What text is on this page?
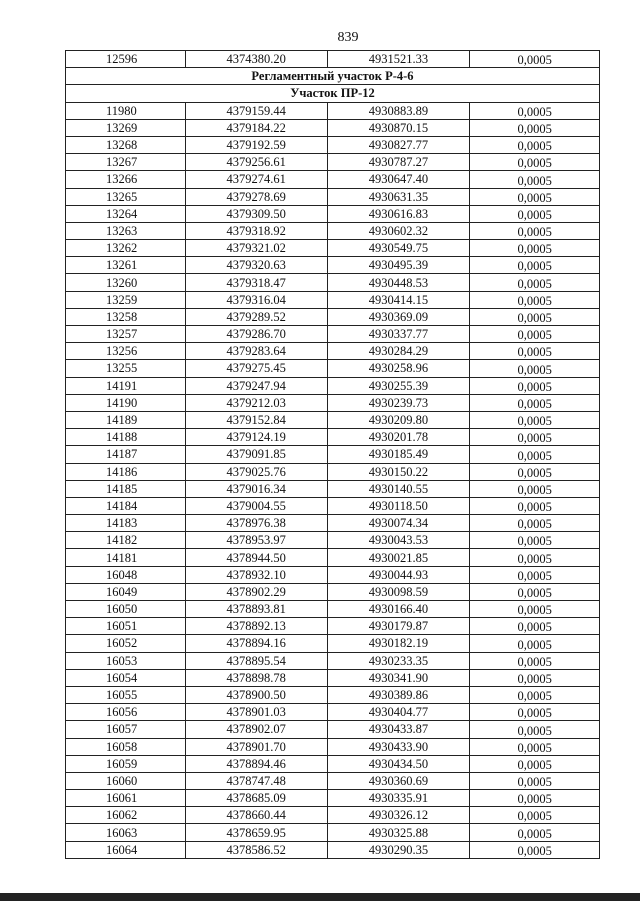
839
12596	4374380.20	4931521.33	0,0005
Регламентный участок Р-4-6			
Участок ПР-12			
11980	4379159.44	4930883.89	0,0005
13269	4379184.22	4930870.15	0,0005
13268	4379192.59	4930827.77	0,0005
13267	4379256.61	4930787.27	0,0005
13266	4379274.61	4930647.40	0,0005
13265	4379278.69	4930631.35	0,0005
13264	4379309.50	4930616.83	0,0005
13263	4379318.92	4930602.32	0,0005
13262	4379321.02	4930549.75	0,0005
13261	4379320.63	4930495.39	0,0005
13260	4379318.47	4930448.53	0,0005
13259	4379316.04	4930414.15	0,0005
13258	4379289.52	4930369.09	0,0005
13257	4379286.70	4930337.77	0,0005
13256	4379283.64	4930284.29	0,0005
13255	4379275.45	4930258.96	0,0005
14191	4379247.94	4930255.39	0,0005
14190	4379212.03	4930239.73	0,0005
14189	4379152.84	4930209.80	0,0005
14188	4379124.19	4930201.78	0,0005
14187	4379091.85	4930185.49	0,0005
14186	4379025.76	4930150.22	0,0005
14185	4379016.34	4930140.55	0,0005
14184	4379004.55	4930118.50	0,0005
14183	4378976.38	4930074.34	0,0005
14182	4378953.97	4930043.53	0,0005
14181	4378944.50	4930021.85	0,0005
16048	4378932.10	4930044.93	0,0005
16049	4378902.29	4930098.59	0,0005
16050	4378893.81	4930166.40	0,0005
16051	4378892.13	4930179.87	0,0005
16052	4378894.16	4930182.19	0,0005
16053	4378895.54	4930233.35	0,0005
16054	4378898.78	4930341.90	0,0005
16055	4378900.50	4930389.86	0,0005
16056	4378901.03	4930404.77	0,0005
16057	4378902.07	4930433.87	0,0005
16058	4378901.70	4930433.90	0,0005
16059	4378894.46	4930434.50	0,0005
16060	4378747.48	4930360.69	0,0005
16061	4378685.09	4930335.91	0,0005
16062	4378660.44	4930326.12	0,0005
16063	4378659.95	4930325.88	0,0005
16064	4378586.52	4930290.35	0,0005
